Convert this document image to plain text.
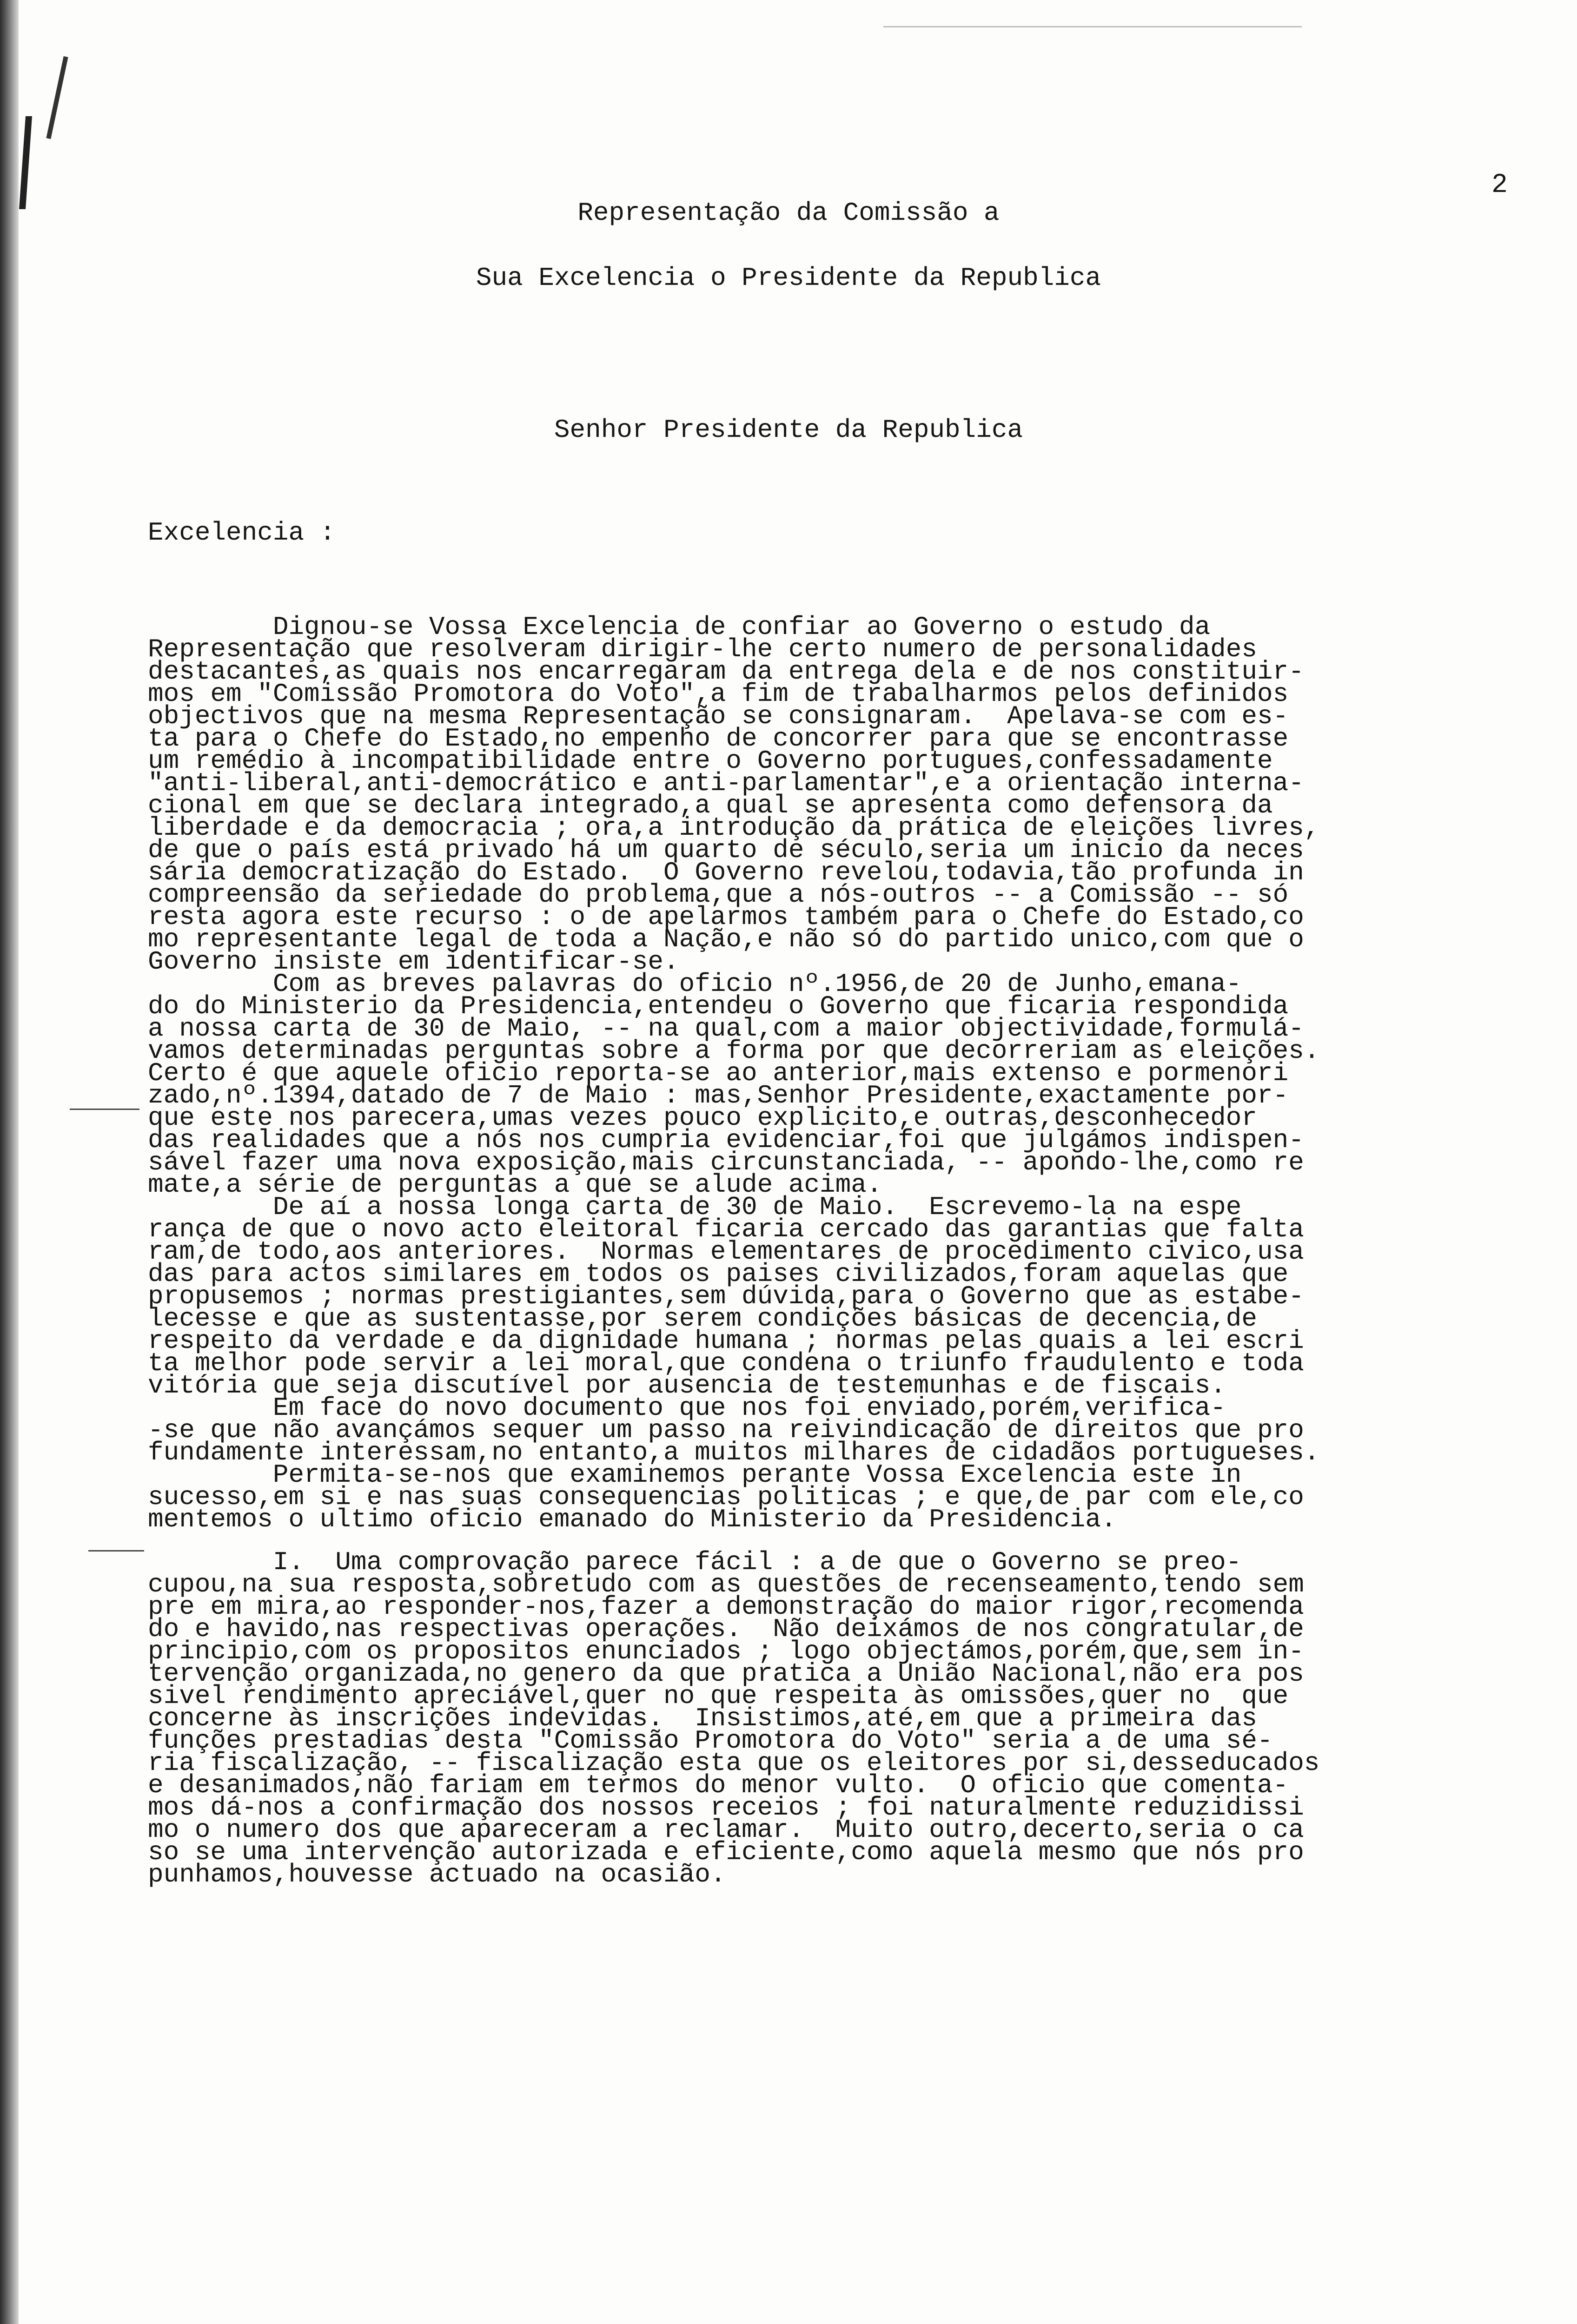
2
Representação da Comissão a
Sua Excelencia o Presidente da Republica
Senhor Presidente da Republica
Excelencia :
Dignou-se Vossa Excelencia de confiar ao Governo o estudo da
Representação que resolveram dirigir-lhe certo numero de personalidades
destacantes,as quais nos encarregaram da entrega dela e de nos constituir-
mos em "Comissão Promotora do Voto",a fim de trabalharmos pelos definidos
objectivos que na mesma Representação se consignaram.  Apelava-se com es-
ta para o Chefe do Estado,no empenho de concorrer para que se encontrasse
um remédio à incompatibilidade entre o Governo portugues,confessadamente
"anti-liberal,anti-democrático e anti-parlamentar",e a orientação interna-
cional em que se declara integrado,a qual se apresenta como defensora da
liberdade e da democracia ; ora,a introdução da prática de eleições livres,
de que o país está privado há um quarto de século,seria um inicio da neces
sária democratização do Estado.  O Governo revelou,todavia,tão profunda in
compreensão da seriedade do problema,que a nós-outros -- a Comissão -- só
resta agora este recurso : o de apelarmos também para o Chefe do Estado,co
mo representante legal de toda a Nação,e não só do partido unico,com que o
Governo insiste em identificar-se.
Com as breves palavras do oficio nº.1956,de 20 de Junho,emana-
do do Ministerio da Presidencia,entendeu o Governo que ficaria respondida
a nossa carta de 30 de Maio, -- na qual,com a maior objectividade,formulá-
vamos determinadas perguntas sobre a forma por que decorreriam as eleições.
Certo é que aquele oficio reporta-se ao anterior,mais extenso e pormenori
zado,nº.1394,datado de 7 de Maio : mas,Senhor Presidente,exactamente por-
que este nos parecera,umas vezes pouco explicito,e outras,desconhecedor
das realidades que a nós nos cumpria evidenciar,foi que julgámos indispen-
sável fazer uma nova exposição,mais circunstanciada, -- apondo-lhe,como re
mate,a série de perguntas a que se alude acima.
De aí a nossa longa carta de 30 de Maio.  Escrevemo-la na espe
rança de que o novo acto eleitoral ficaria cercado das garantias que falta
ram,de todo,aos anteriores.  Normas elementares de procedimento civico,usa
das para actos similares em todos os paises civilizados,foram aquelas que
propusemos ; normas prestigiantes,sem dúvida,para o Governo que as estabe-
lecesse e que as sustentasse,por serem condições básicas de decencia,de
respeito da verdade e da dignidade humana ; normas pelas quais a lei escri
ta melhor pode servir a lei moral,que condena o triunfo fraudulento e toda
vitória que seja discutível por ausencia de testemunhas e de fiscais.
Em face do novo documento que nos foi enviado,porém,verifica-
-se que não avançámos sequer um passo na reivindicação de direitos que pro
fundamente interessam,no entanto,a muitos milhares de cidadãos portugueses.
Permita-se-nos que examinemos perante Vossa Excelencia este in
sucesso,em si e nas suas consequencias politicas ; e que,de par com ele,co
mentemos o ultimo oficio emanado do Ministerio da Presidencia.
I.  Uma comprovação parece fácil : a de que o Governo se preo-
cupou,na sua resposta,sobretudo com as questões de recenseamento,tendo sem
pre em mira,ao responder-nos,fazer a demonstração do maior rigor,recomenda
do e havido,nas respectivas operações.  Não deixámos de nos congratular,de
principio,com os propositos enunciados ; logo objectámos,porém,que,sem in-
tervenção organizada,no genero da que pratica a União Nacional,não era pos
sivel rendimento apreciável,quer no que respeita às omissões,quer no  que
concerne às inscrições indevidas.  Insistimos,até,em que a primeira das
funções prestadias desta "Comissão Promotora do Voto" seria a de uma sé-
ria fiscalização, -- fiscalização esta que os eleitores por si,desseducados
e desanimados,não fariam em termos do menor vulto.  O oficio que comenta-
mos dá-nos a confirmação dos nossos receios ; foi naturalmente reduzidissi
mo o numero dos que apareceram a reclamar.  Muito outro,decerto,seria o ca
so se uma intervenção autorizada e eficiente,como aquela mesmo que nós pro
punhamos,houvesse actuado na ocasião.
